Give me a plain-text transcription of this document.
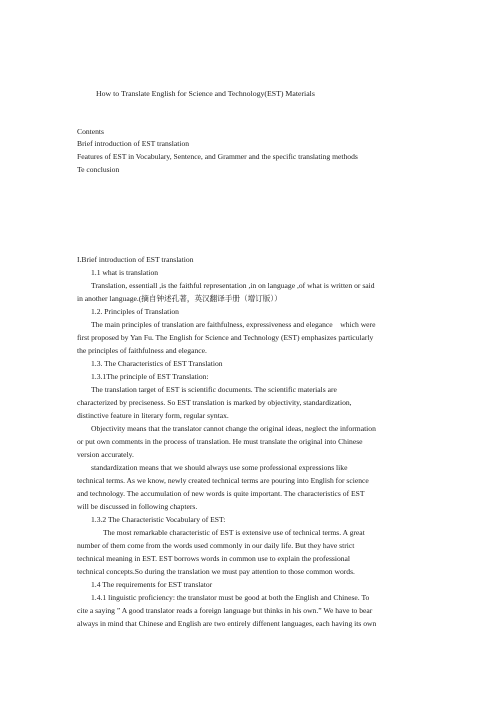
How to Translate English for Science and Technology(EST) Materials
Contents
Brief introduction of EST translation
Features of EST in Vocabulary, Sentence, and Grammer and the specific translating methods
Te conclusion
I.Brief introduction of EST translation
1.1 what is translation
Translation, essentiall ,is the faithful representation ,in on language ,of what is written or said
in another language.(摘自钟述孔著，英汉翻译手册（增订版））
1.2. Principles of Translation
The main principles of translation are faithfulness, expressiveness and elegance　which were
first proposed by Yan Fu. The English for Science and Technology (EST) emphasizes particularly
the principles of faithfulness and elegance.
1.3. The Characteristics of EST Translation
1.3.1The principle of EST Translation:
The translation target of EST is scientific documents. The scientific materials are
characterized by preciseness. So EST translation is marked by objectivity, standardization,
distinctive feature in literary form, regular syntax.
Objectivity means that the translator cannot change the original ideas, neglect the information
or put own comments in the process of translation. He must translate the original into Chinese
version accurately.
standardization means that we should always use some professional expressions like
technical terms. As we know, newly created technical terms are pouring into English for science
and technology. The accumulation of new words is quite important. The characteristics of EST
will be discussed in following chapters.
1.3.2 The Characteristic Vocabulary of EST:
The most remarkable characteristic of EST is extensive use of technical terms. A great
number of them come from the words used commonly in our daily life. But they have strict
technical meaning in EST. EST borrows words in common use to explain the professional
technical concepts.So during the translation we must pay attention to those common words.
1.4 The requirements for EST translator
1.4.1 linguistic proficiency: the translator must be good at both the English and Chinese. To
cite a saying ” A good translator reads a foreign language but thinks in his own.” We have to bear
always in mind that Chinese and English are two entirely diffenent languages, each having its own
